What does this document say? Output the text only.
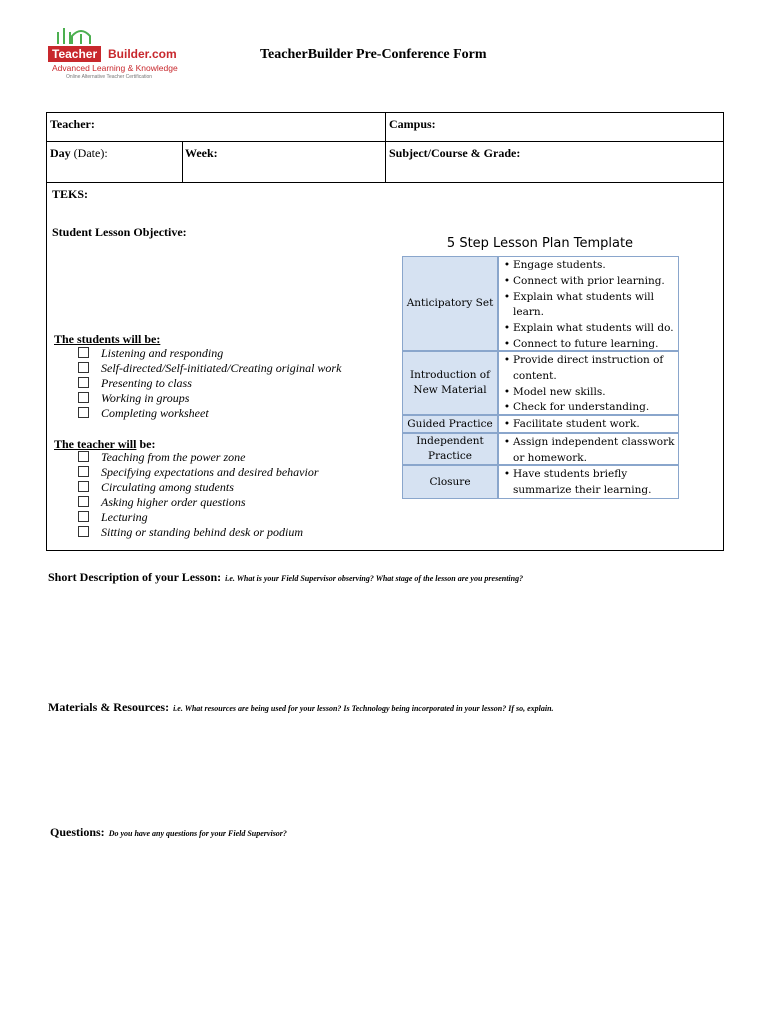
Teacher Builder.com
Advanced Learning & Knowledge
Online Alternative Teacher Certification
TeacherBuilder Pre-Conference Form
Teacher:	Campus:
Day (Date):	Week:	Subject/Course & Grade:
TEKS:
Student Lesson Objective:
The students will be:
Listening and responding
Self-directed/Self-initiated/Creating original work
Presenting to class
Working in groups
Completing worksheet
The teacher will be:
Teaching from the power zone
Specifying expectations and desired behavior
Circulating among students
Asking higher order questions
Lecturing
Sitting or standing behind desk or podium
5 Step Lesson Plan Template
Anticipatory Set
• Engage students.
• Connect with prior learning.
• Explain what students will
learn.
• Explain what students will do.
• Connect to future learning.
Introduction of New Material
• Provide direct instruction of
content.
• Model new skills.
• Check for understanding.
Guided Practice
•	Facilitate student work.
Independent Practice
• Assign independent classwork
or homework.
Closure
• Have students briefly
summarize their learning.
Short Description of your Lesson: i.e. What is your Field Supervisor observing? What stage of the lesson are you presenting?
Materials & Resources: i.e. What resources are being used for your lesson? Is Technology being incorporated in your lesson? If so, explain.
Questions: Do you have any questions for your Field Supervisor?
